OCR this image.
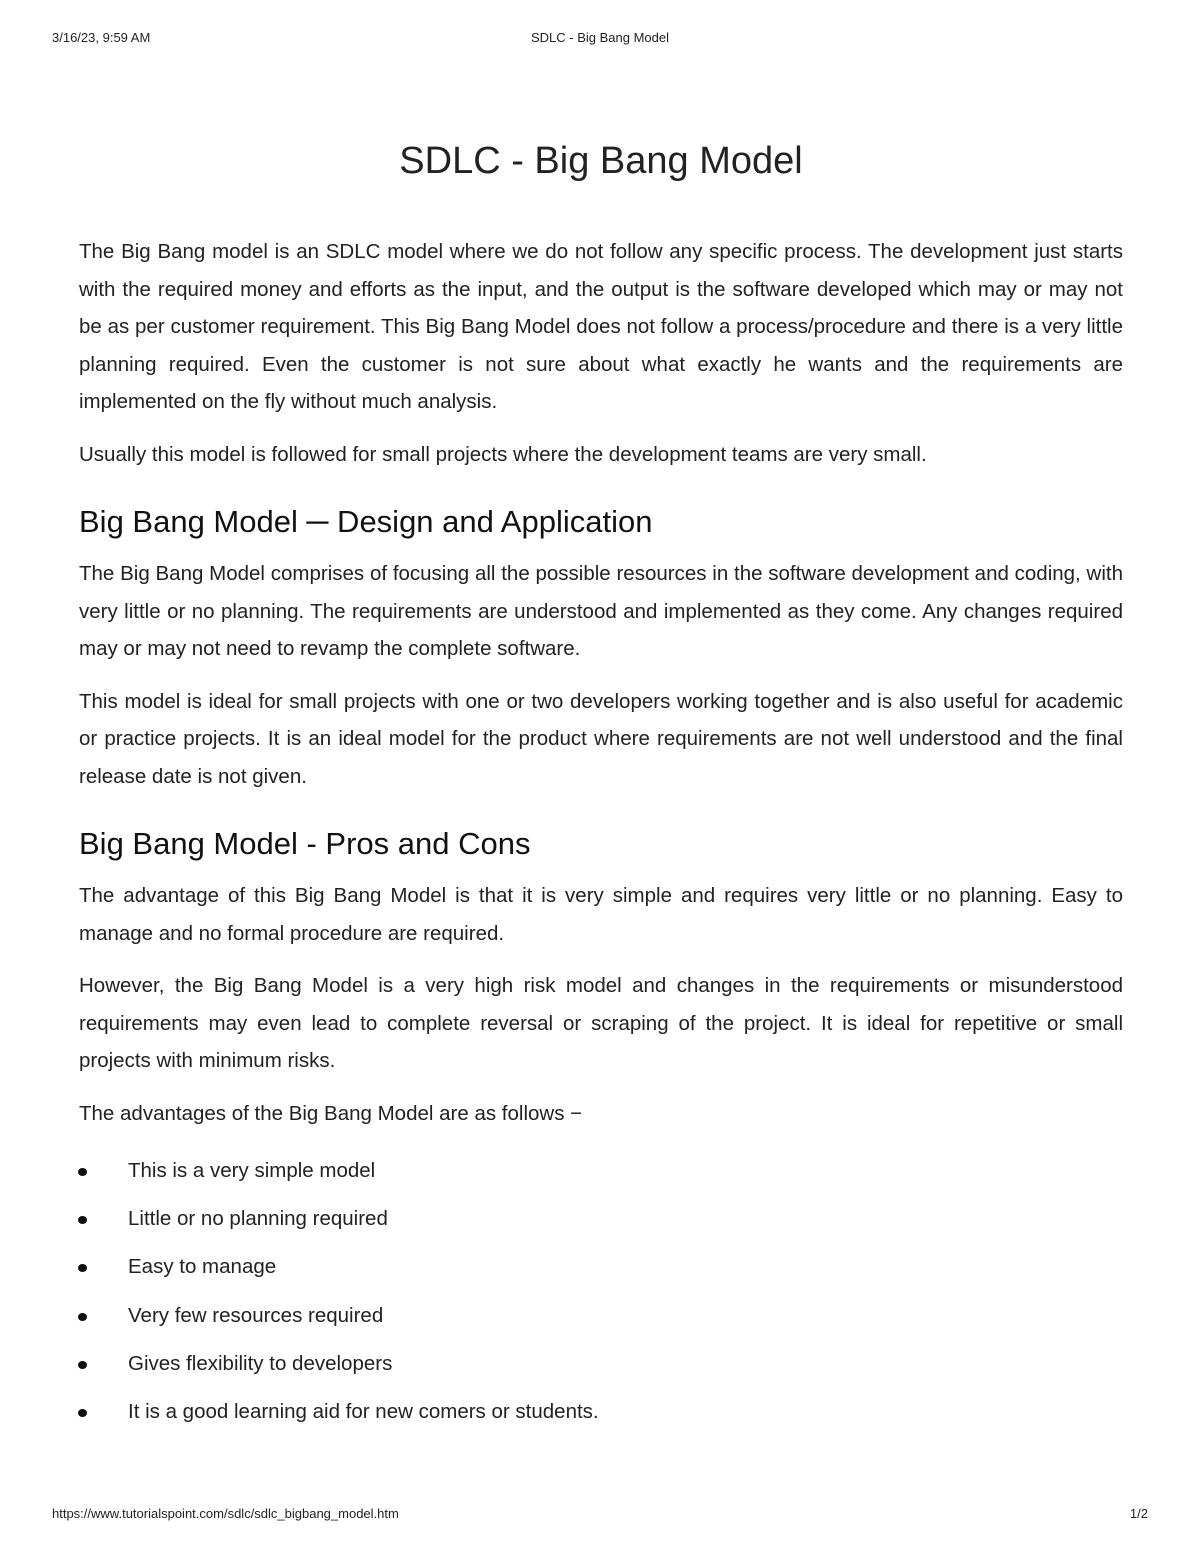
3/16/23, 9:59 AM	SDLC - Big Bang Model
SDLC - Big Bang Model

The Big Bang model is an SDLC model where we do not follow any specific process. The development just starts with the required money and efforts as the input, and the output is the software developed which may or may not be as per customer requirement. This Big Bang Model does not follow a process/procedure and there is a very little planning required. Even the customer is not sure about what exactly he wants and the requirements are implemented on the fly without much analysis.

Usually this model is followed for small projects where the development teams are very small.

Big Bang Model ─ Design and Application

The Big Bang Model comprises of focusing all the possible resources in the software development and coding, with very little or no planning. The requirements are understood and implemented as they come. Any changes required may or may not need to revamp the complete software.

This model is ideal for small projects with one or two developers working together and is also useful for academic or practice projects. It is an ideal model for the product where requirements are not well understood and the final release date is not given.

Big Bang Model - Pros and Cons

The advantage of this Big Bang Model is that it is very simple and requires very little or no planning. Easy to manage and no formal procedure are required.

However, the Big Bang Model is a very high risk model and changes in the requirements or misunderstood requirements may even lead to complete reversal or scraping of the project. It is ideal for repetitive or small projects with minimum risks.

The advantages of the Big Bang Model are as follows −

This is a very simple model
Little or no planning required
Easy to manage
Very few resources required
Gives flexibility to developers
It is a good learning aid for new comers or students.
https://www.tutorialspoint.com/sdlc/sdlc_bigbang_model.htm	1/2
